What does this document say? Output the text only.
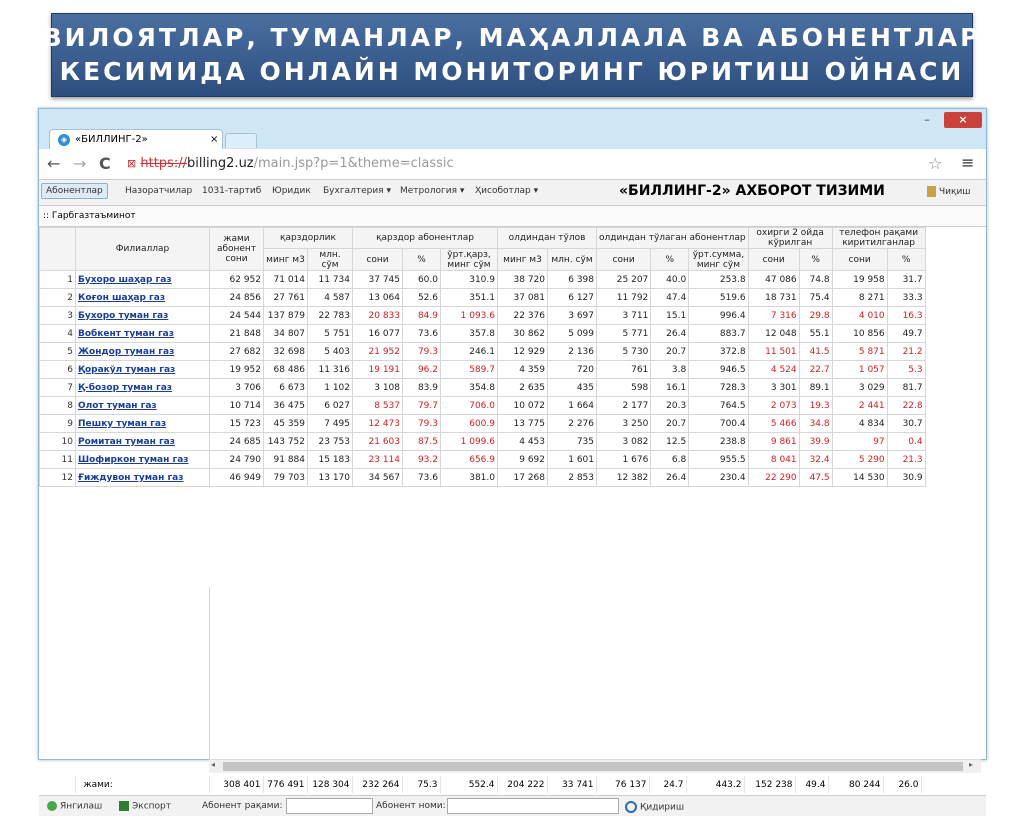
ВИЛОЯТЛАР, ТУМАНЛАР, МАҲАЛЛАЛА ВА АБОНЕНТЛАР
КЕСИМИДА ОНЛАЙН МОНИТОРИНГ ЮРИТИШ ОЙНАСИ
◈ «БИЛЛИНГ-2»	×
–	×
← → C ⊠ https://billing2.uz/main.jsp?p=1&theme=classic	☆ ≡
Абонентлар	Назоратчилар 1031-тартиб Юридик Бухгалтерия ▾ Метрология ▾ Ҳисоботлар ▾	«БИЛЛИНГ-2» АХБОРОТ ТИЗИМИ	Чиқиш
:: Гарбгазтаъминот
	Филиаллар	жами абонент сони	қарздорлик		қарздор абонентлар			олдиндан тўлов		олдиндан тўлаган абонентлар			охирги 2 ойда кўрилган		телефон рақами киритилганлар	
			минг м3	млн. сўм	сони	%	ўрт.қарз, минг сўм	минг м3	млн. сўм	сони	%	ўрт.сумма, минг сўм	сони	%	сони	%
1	Бухоро шаҳар газ	62 952	71 014	11 734	37 745	60.0	310.9	38 720	6 398	25 207	40.0	253.8	47 086	74.8	19 958	31.7
2	Коғон шаҳар газ	24 856	27 761	4 587	13 064	52.6	351.1	37 081	6 127	11 792	47.4	519.6	18 731	75.4	8 271	33.3
3	Бухоро туман газ	24 544	137 879	22 783	20 833	84.9	1 093.6	22 376	3 697	3 711	15.1	996.4	7 316	29.8	4 010	16.3
4	Вобкент туман газ	21 848	34 807	5 751	16 077	73.6	357.8	30 862	5 099	5 771	26.4	883.7	12 048	55.1	10 856	49.7
5	Жондор туман газ	27 682	32 698	5 403	21 952	79.3	246.1	12 929	2 136	5 730	20.7	372.8	11 501	41.5	5 871	21.2
6	Қоракўл туман газ	19 952	68 486	11 316	19 191	96.2	589.7	4 359	720	761	3.8	946.5	4 524	22.7	1 057	5.3
7	Қ-бозор туман газ	3 706	6 673	1 102	3 108	83.9	354.8	2 635	435	598	16.1	728.3	3 301	89.1	3 029	81.7
8	Олот туман газ	10 714	36 475	6 027	8 537	79.7	706.0	10 072	1 664	2 177	20.3	764.5	2 073	19.3	2 441	22.8
9	Пешку туман газ	15 723	45 359	7 495	12 473	79.3	600.9	13 775	2 276	3 250	20.7	700.4	5 466	34.8	4 834	30.7
10	Ромитан туман газ	24 685	143 752	23 753	21 603	87.5	1 099.6	4 453	735	3 082	12.5	238.8	9 861	39.9	97	0.4
11	Шофиркон туман газ	24 790	91 884	15 183	23 114	93.2	656.9	9 692	1 601	1 676	6.8	955.5	8 041	32.4	5 290	21.3
12	Ғиждувон туман газ	46 949	79 703	13 170	34 567	73.6	381.0	17 268	2 853	12 382	26.4	230.4	22 290	47.5	14 530	30.9
◂	▸
	жами:	308 401	776 491	128 304	232 264	75.3	552.4	204 222	33 741	76 137	24.7	443.2	152 238	49.4	80 244	26.0
Янгилаш	Экспорт	Абонент рақами:	Абонент номи:	Қидириш
